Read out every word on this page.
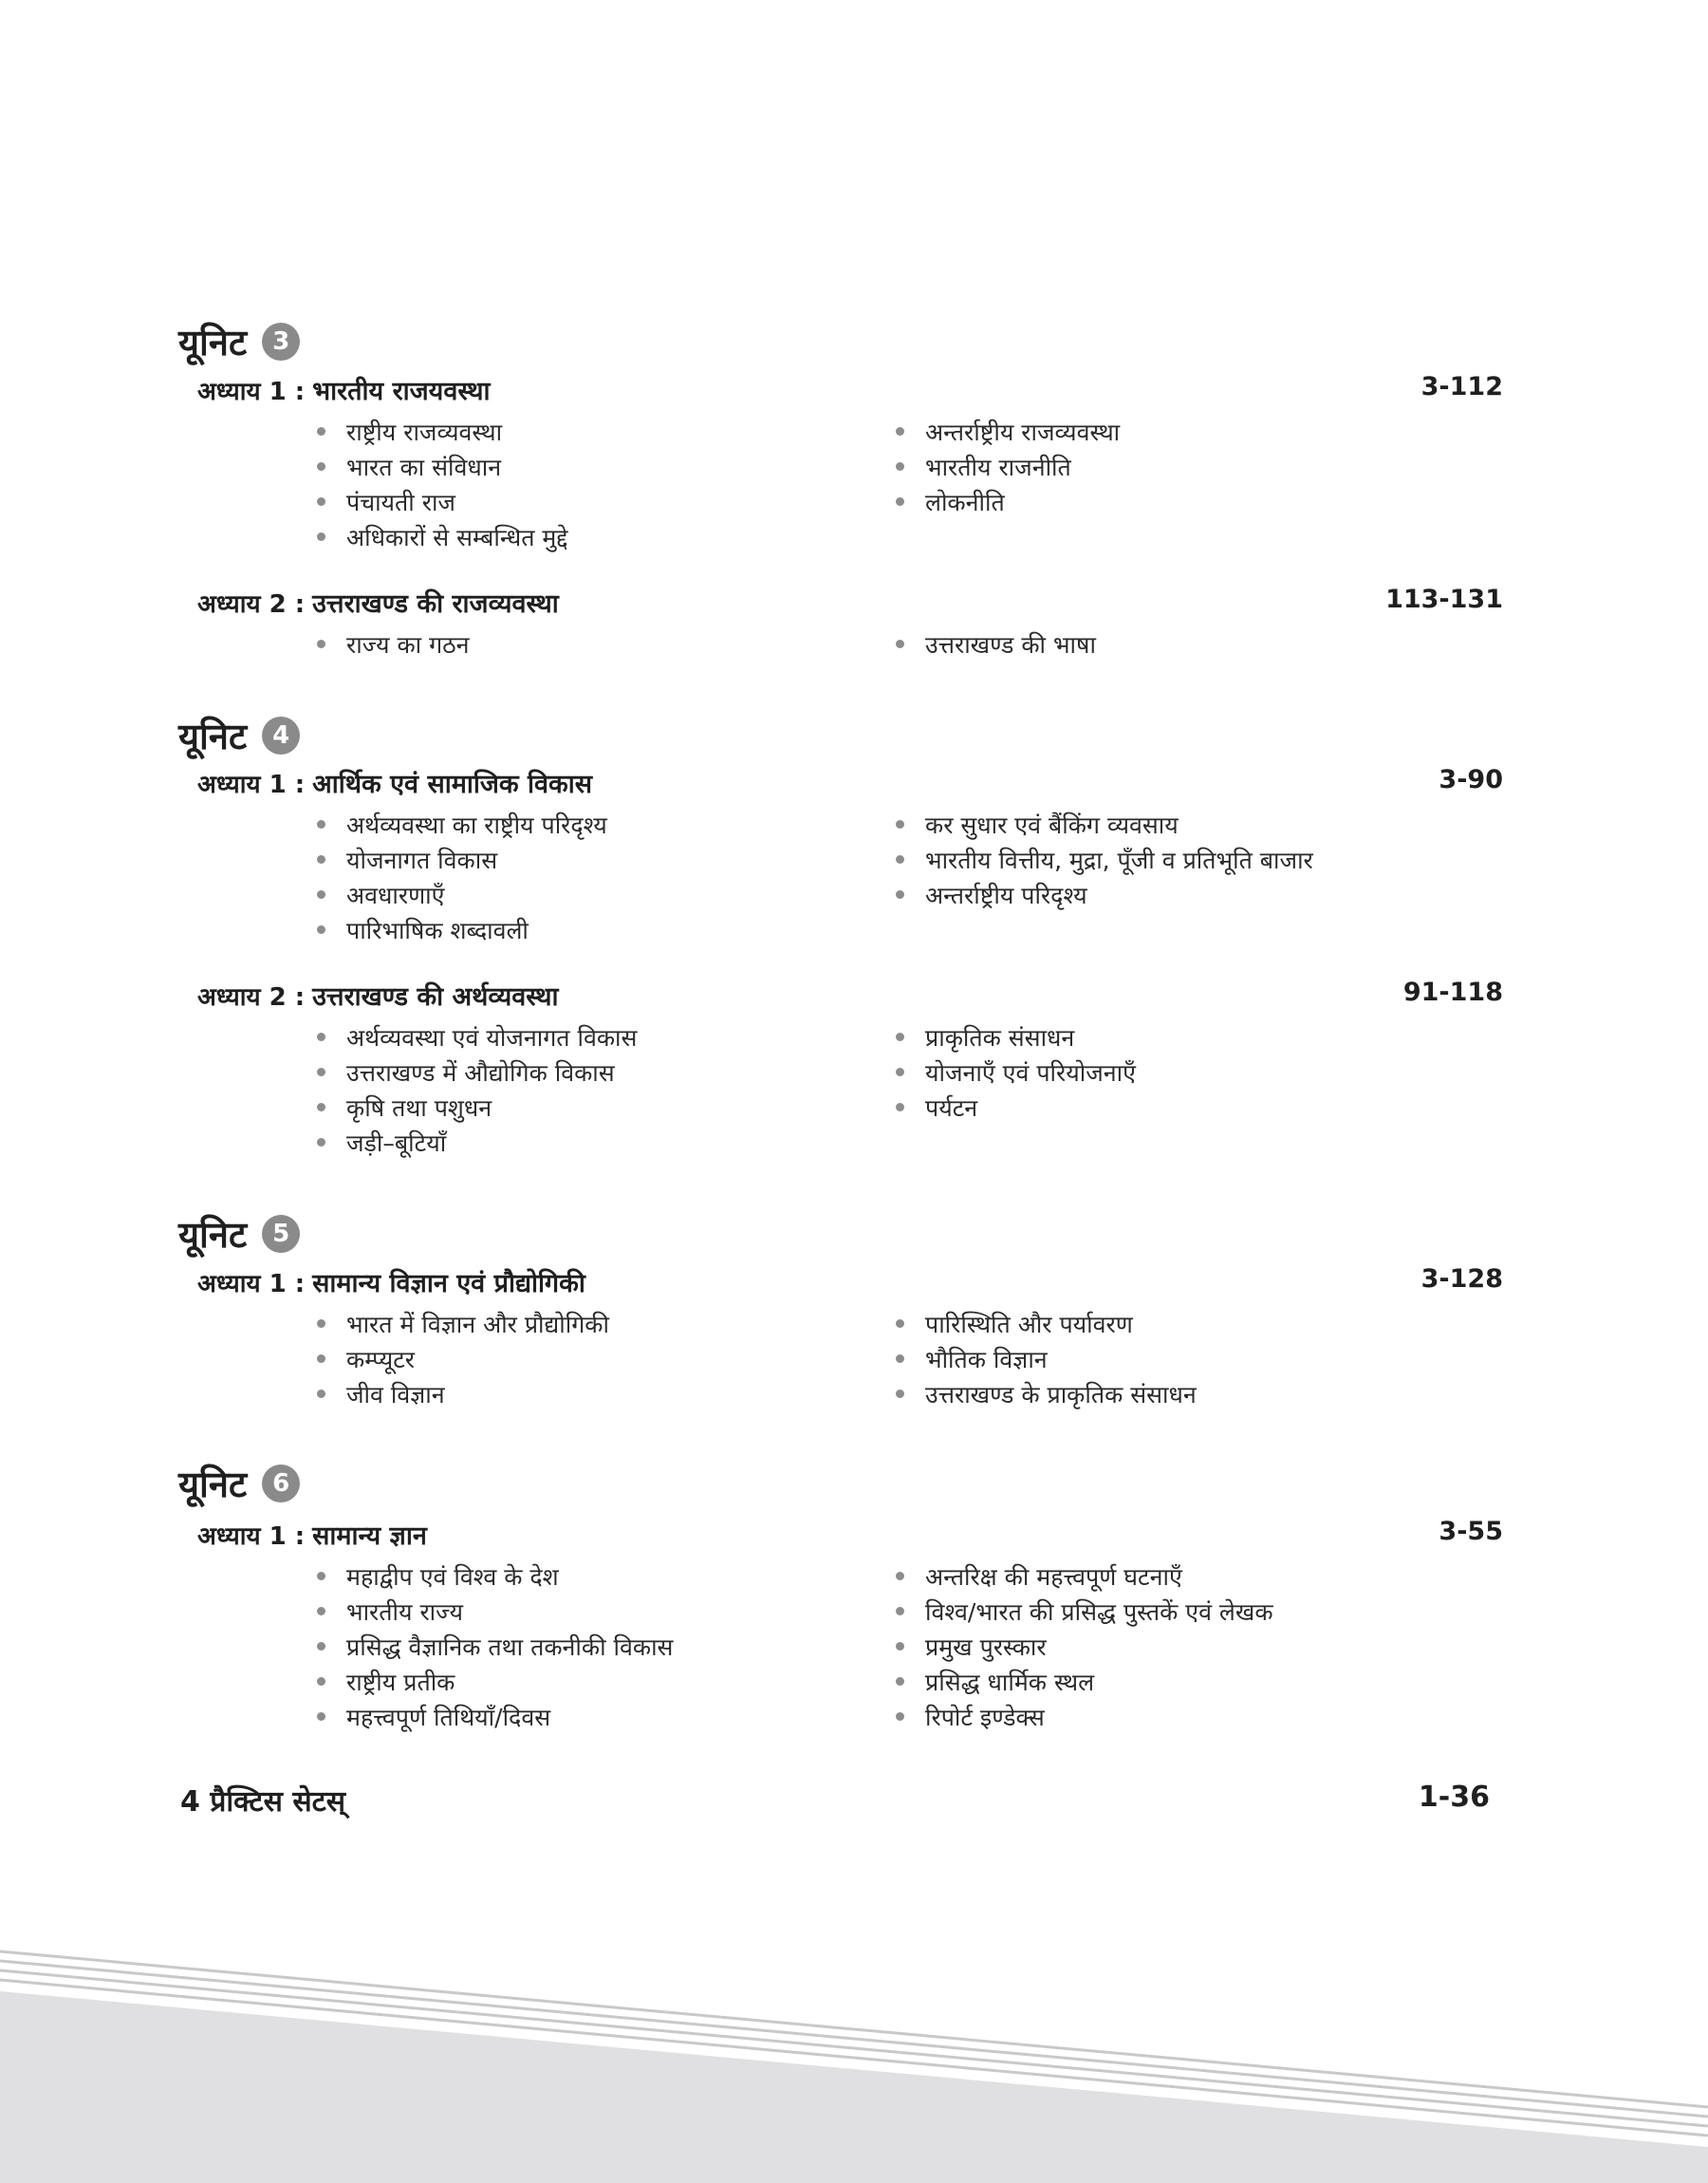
यूनिट	3
अध्याय 1 : भारतीय राजयवस्था	3-112
राष्ट्रीय राजव्यवस्था
भारत का संविधान
पंचायती राज
अधिकारों से सम्बन्धित मुद्दे
अन्तर्राष्ट्रीय राजव्यवस्था
भारतीय राजनीति
लोकनीति
अध्याय 2 : उत्तराखण्ड की राजव्यवस्था	113-131
राज्य का गठन	उत्तराखण्ड की भाषा
यूनिट	4
अध्याय 1 : आर्थिक एवं सामाजिक विकास	3-90
अर्थव्यवस्था का राष्ट्रीय परिदृश्य
योजनागत विकास
अवधारणाएँ
पारिभाषिक शब्दावली
कर सुधार एवं बैंकिंग व्यवसाय
भारतीय वित्तीय, मुद्रा, पूँजी व प्रतिभूति बाजार
अन्तर्राष्ट्रीय परिदृश्य
अध्याय 2 : उत्तराखण्ड की अर्थव्यवस्था	91-118
अर्थव्यवस्था एवं योजनागत विकास
उत्तराखण्ड में औद्योगिक विकास
कृषि तथा पशुधन
जड़ी–बूटियाँ
प्राकृतिक संसाधन
योजनाएँ एवं परियोजनाएँ
पर्यटन
यूनिट	5
अध्याय 1 : सामान्य विज्ञान एवं प्रौद्योगिकी	3-128
भारत में विज्ञान और प्रौद्योगिकी
कम्प्यूटर
जीव विज्ञान
पारिस्थिति और पर्यावरण
भौतिक विज्ञान
उत्तराखण्ड के प्राकृतिक संसाधन
यूनिट	6
अध्याय 1 : सामान्य ज्ञान	3-55
महाद्वीप एवं विश्व के देश
भारतीय राज्य
प्रसिद्ध वैज्ञानिक तथा तकनीकी विकास
राष्ट्रीय प्रतीक
महत्त्वपूर्ण तिथियाँ/दिवस
अन्तरिक्ष की महत्त्वपूर्ण घटनाएँ
विश्व/भारत की प्रसिद्ध पुस्तकें एवं लेखक
प्रमुख पुरस्कार
प्रसिद्ध धार्मिक स्थल
रिपोर्ट इण्डेक्स
4 प्रैक्टिस सेटस्	1-36
